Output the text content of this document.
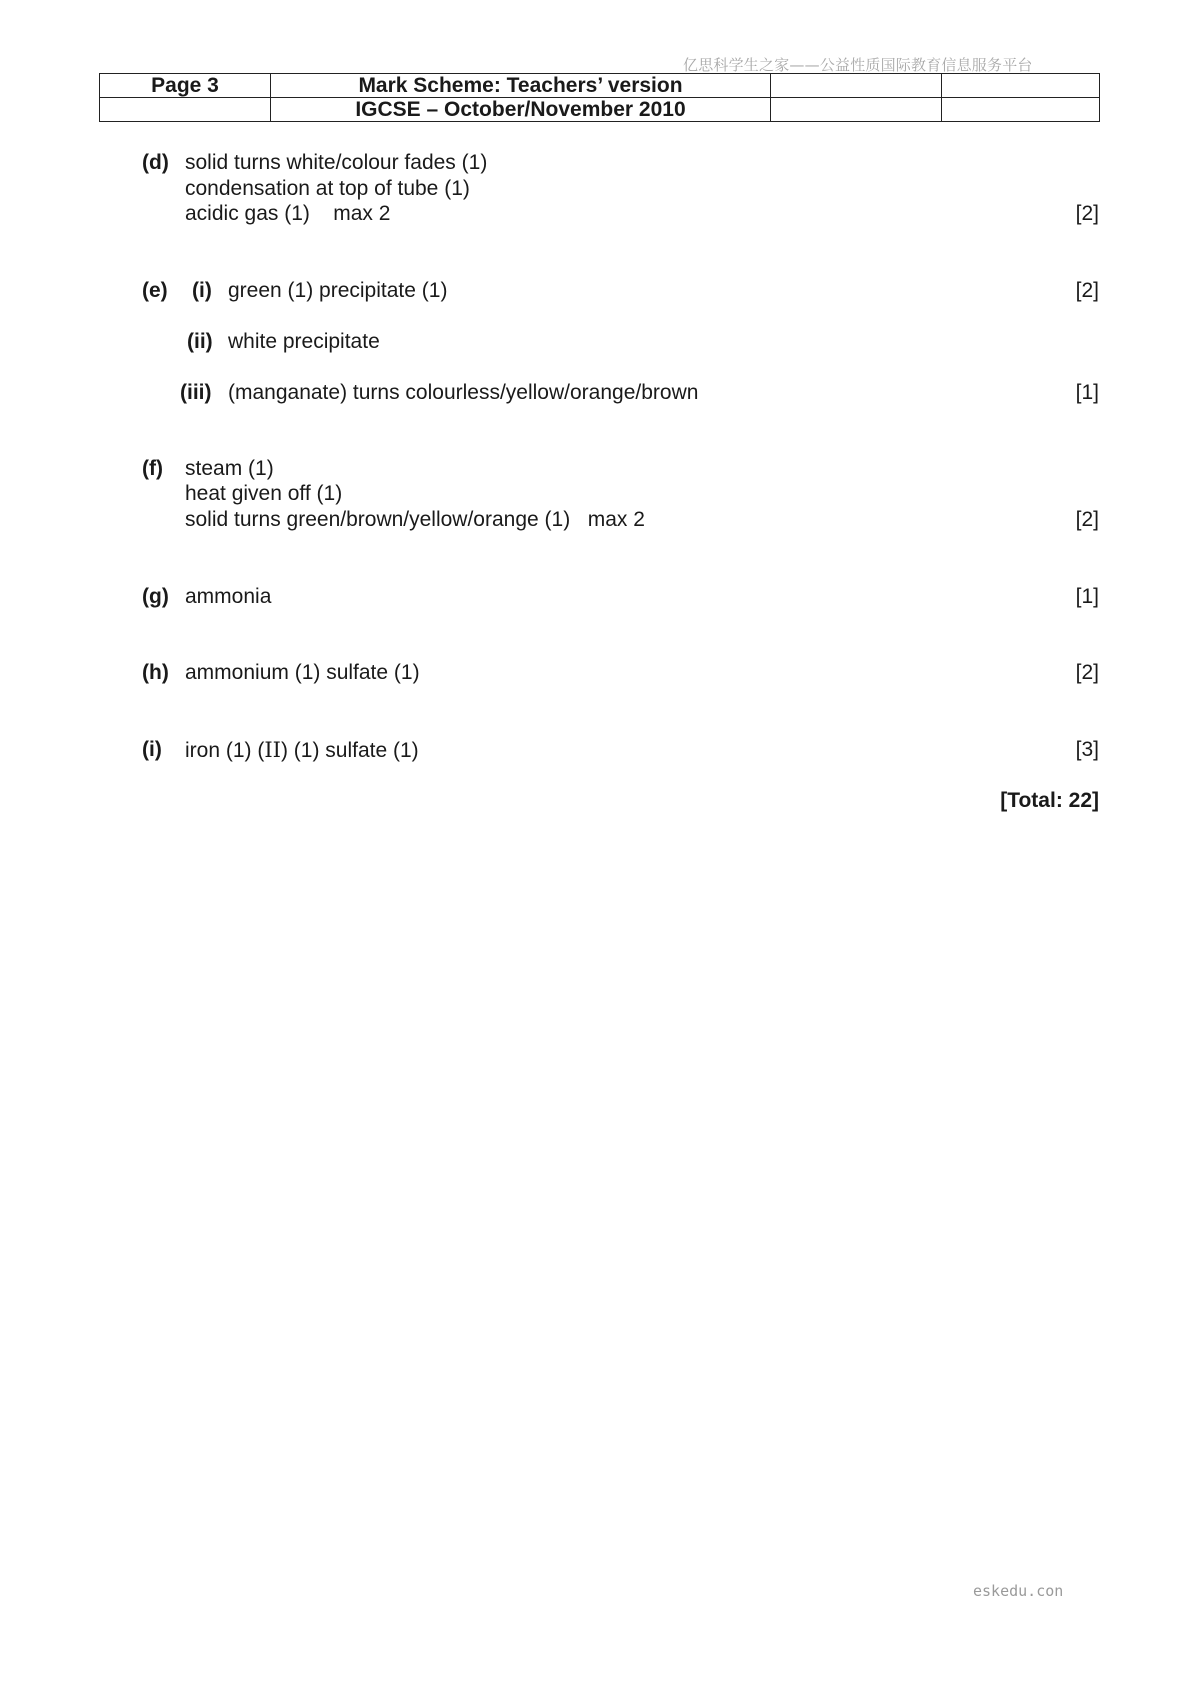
亿思科学生之家——公益性质国际教育信息服务平台
Page 3	Mark Scheme: Teachers’ version		
	IGCSE – October/November 2010		
(d) solid turns white/colour fades (1)
condensation at top of tube (1)
acidic gas (1)    max 2	[2]
(e) (i) green (1) precipitate (1)	[2]
(ii) white precipitate
(iii) (manganate) turns colourless/yellow/orange/brown	[1]
(f) steam (1)
heat given off (1)
solid turns green/brown/yellow/orange (1)   max 2	[2]
(g) ammonia	[1]
(h) ammonium (1) sulfate (1)	[2]
(i) iron (1) (II) (1) sulfate (1)	[3]
[Total: 22]
eskedu.con
